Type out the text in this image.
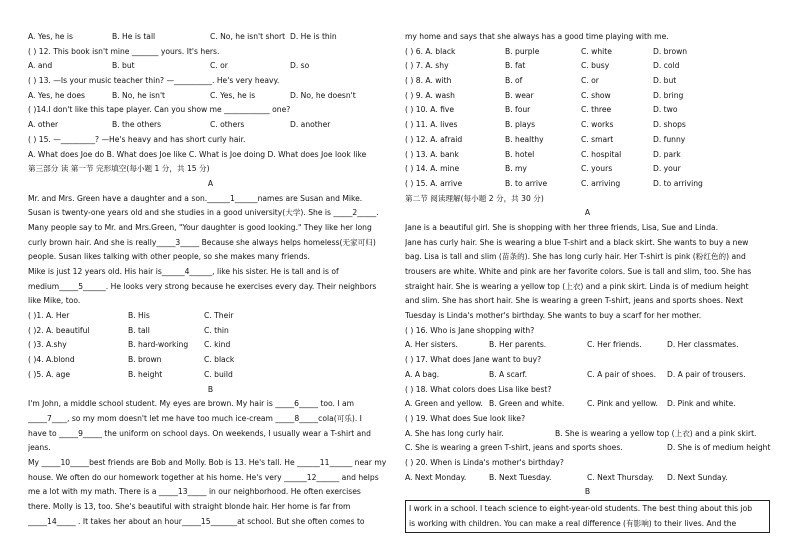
A. Yes, he is	B. He is tall	C. No, he isn't short D. He is thin
( ) 12. This book isn't mine _______ yours. It's hers.
A. and	B. but	C. or	D. so
( ) 13. —Is your music teacher thin? —__________. He's very heavy.
A. Yes, he does	B. No, he isn't	C. Yes, he is	D. No, he doesn't
( )14.I don't like this tape player. Can you show me ____________ one?
A. other	B. the others	C. others	D. another
( ) 15. —_________? —He's heavy and has short curly hair.
A. What does Joe do B. What does Joe like C. What is Joe doing D. What does Joe look like
第三部分 读 第一节 完形填空(每小题 1 分，共 15 分)
A
Mr. and Mrs. Green have a daughter and a son.______1______names are Susan and Mike.
Susan is twenty-one years old and she studies in a good university(大学). She is _____2_____.
Many people say to Mr. and Mrs.Green, "Your daughter is good looking." They like her long
curly brown hair. And she is really_____3_____ Because she always helps homeless(无家可归)
people. Susan likes talking with other people, so she makes many friends.
Mike is just 12 years old. His hair is______4______, like his sister. He is tall and is of
medium_____5______. He looks very strong because he exercises every day. Their neighbors
like Mike, too.
( )1. A. Her	B. His	C. Their
( )2. A. beautiful	B. tall	C. thin
( )3. A.shy	B. hard-working	C. kind
( )4. A.blond	B. brown	C. black
( )5. A. age	B. height	C. build
B
I'm John, a middle school student. My eyes are brown. My hair is _____6_____ too. I am
_____7____, so my mom doesn't let me have too much ice-cream _____8_____cola(可乐). I
have to _____9_____ the uniform on school days. On weekends, I usually wear a T-shirt and
jeans.
My _____10_____best friends are Bob and Molly. Bob is 13. He's tall. He ______11______ near my
house. We often do our homework together at his home. He's very ______12______ and helps
me a lot with my math. There is a _____13_____ in our neighborhood. He often exercises
there. Molly is 13, too. She's beautiful with straight blonde hair. Her home is far from
_____14_____ . It takes her about an hour_____15_______at school. But she often comes to
my home and says that she always has a good time playing with me.
( ) 6. A. black	B. purple	C. white	D. brown
( ) 7. A. shy	B. fat	C. busy	D. cold
( ) 8. A. with	B. of	C. or	D. but
( ) 9. A. wash	B. wear	C. show	D. bring
( ) 10. A. five	B. four	C. three	D. two
( ) 11. A. lives	B. plays	C. works	D. shops
( ) 12. A. afraid	B. healthy	C. smart	D. funny
( ) 13. A. bank	B. hotel	C. hospital	D. park
( ) 14. A. mine	B. my	C. yours	D. your
( ) 15. A. arrive	B. to arrive	C. arriving	D. to arriving
第二节 阅读理解(每小题 2 分，共 30 分)
A
Jane is a beautiful girl. She is shopping with her three friends, Lisa, Sue and Linda.
Jane has curly hair. She is wearing a blue T-shirt and a black skirt. She wants to buy a new
bag. Lisa is tall and slim (苗条的). She has long curly hair. Her T-shirt is pink (粉红色的) and
trousers are white. White and pink are her favorite colors. Sue is tall and slim, too. She has
straight hair. She is wearing a yellow top (上衣) and a pink skirt. Linda is of medium height
and slim. She has short hair. She is wearing a green T-shirt, jeans and sports shoes. Next
Tuesday is Linda's mother's birthday. She wants to buy a scarf for her mother.
( ) 16. Who is Jane shopping with?
A. Her sisters.	B. Her parents.	C. Her friends.	D. Her classmates.
( ) 17. What does Jane want to buy?
A. A bag.	B. A scarf.	C. A pair of shoes.	D. A pair of trousers.
( ) 18. What colors does Lisa like best?
A. Green and yellow. B. Green and white.	C. Pink and yellow.	D. Pink and white.
( ) 19. What does Sue look like?
A. She has long curly hair.	B. She is wearing a yellow top (上衣) and a pink skirt.
C. She is wearing a green T-shirt, jeans and sports shoes.	D. She is of medium height
( ) 20. When is Linda's mother's birthday?
A. Next Monday.	B. Next Tuesday.	C. Next Thursday.	D. Next Sunday.
B
I work in a school. I teach science to eight-year-old students. The best thing about this job
is working with children. You can make a real difference (有影响) to their lives. And the
